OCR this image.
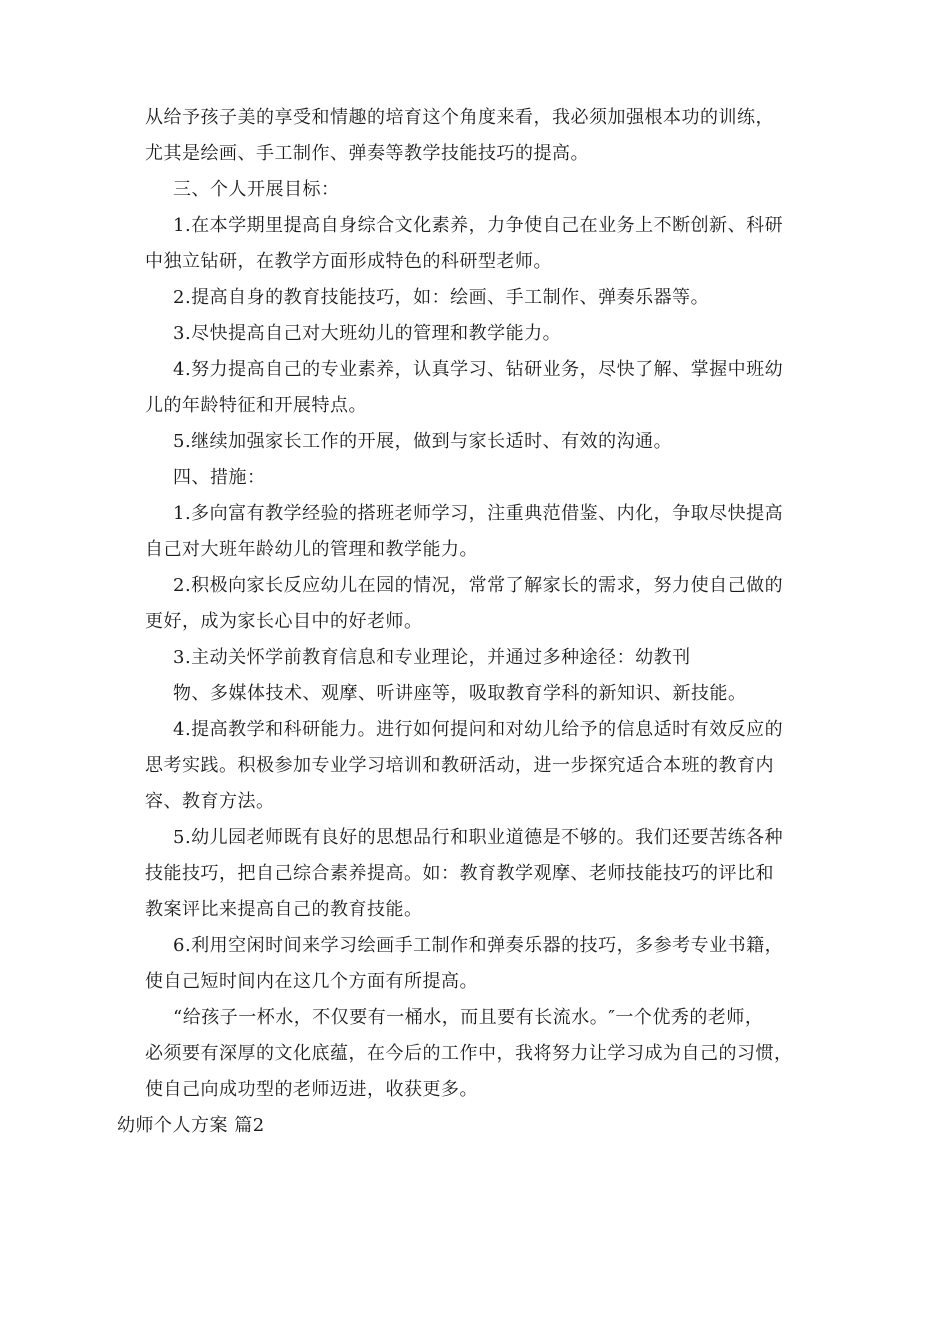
从给予孩子美的享受和情趣的培育这个角度来看，我必须加强根本功的训练，
尤其是绘画、手工制作、弹奏等教学技能技巧的提高。
三、个人开展目标：
1.在本学期里提高自身综合文化素养，力争使自己在业务上不断创新、科研
中独立钻研，在教学方面形成特色的科研型老师。
2.提高自身的教育技能技巧，如：绘画、手工制作、弹奏乐器等。
3.尽快提高自己对大班幼儿的管理和教学能力。
4.努力提高自己的专业素养，认真学习、钻研业务，尽快了解、掌握中班幼
儿的年龄特征和开展特点。
5.继续加强家长工作的开展，做到与家长适时、有效的沟通。
四、措施：
1.多向富有教学经验的搭班老师学习，注重典范借鉴、内化，争取尽快提高
自己对大班年龄幼儿的管理和教学能力。
2.积极向家长反应幼儿在园的情况，常常了解家长的需求，努力使自己做的
更好，成为家长心目中的好老师。
3.主动关怀学前教育信息和专业理论，并通过多种途径：幼教刊
物、多媒体技术、观摩、听讲座等，吸取教育学科的新知识、新技能。
4.提高教学和科研能力。进行如何提问和对幼儿给予的信息适时有效反应的
思考实践。积极参加专业学习培训和教研活动，进一步探究适合本班的教育内
容、教育方法。
5.幼儿园老师既有良好的思想品行和职业道德是不够的。我们还要苦练各种
技能技巧，把自己综合素养提高。如：教育教学观摩、老师技能技巧的评比和
教案评比来提高自己的教育技能。
6.利用空闲时间来学习绘画手工制作和弹奏乐器的技巧，多参考专业书籍，
使自己短时间内在这几个方面有所提高。
“给孩子一杯水，不仅要有一桶水，而且要有长流水。″一个优秀的老师，
必须要有深厚的文化底蕴，在今后的工作中，我将努力让学习成为自己的习惯，
使自己向成功型的老师迈进，收获更多。
幼师个人方案 篇2
